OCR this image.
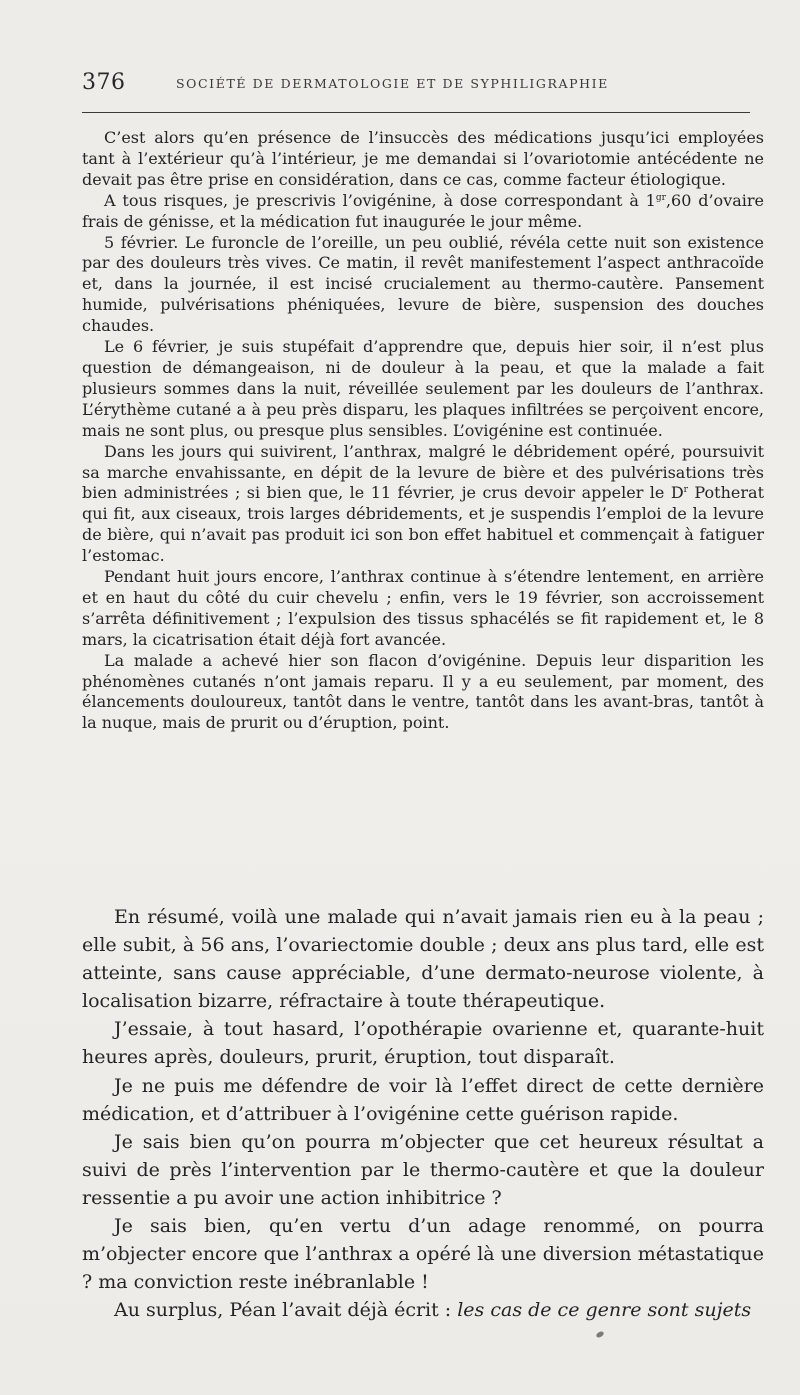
376	SOCIÉTÉ DE DERMATOLOGIE ET DE SYPHILIGRAPHIE

C’est alors qu’en présence de l’insuccès des médications jusqu’ici employées tant à l’extérieur qu’à l’intérieur, je me demandai si l’ovariotomie antécédente ne devait pas être prise en considération, dans ce cas, comme facteur étiologique.

A tous risques, je prescrivis l’ovigénine, à dose correspondant à $1^{gr},60$ d’ovaire frais de génisse, et la médication fut inaugurée le jour même.

5 février. Le furoncle de l’oreille, un peu oublié, révéla cette nuit son existence par des douleurs très vives. Ce matin, il revêt manifestement l’aspect anthracoïde et, dans la journée, il est incisé crucialement au thermo-cautère. Pansement humide, pulvérisations phéniquées, levure de bière, suspension des douches chaudes.

Le 6 février, je suis stupéfait d’apprendre que, depuis hier soir, il n’est plus question de démangeaison, ni de douleur à la peau, et que la malade a fait plusieurs sommes dans la nuit, réveillée seulement par les douleurs de l’anthrax. L’érythème cutané a à peu près disparu, les plaques infiltrées se perçoivent encore, mais ne sont plus, ou presque plus sensibles. L’ovigénine est continuée.

Dans les jours qui suivirent, l’anthrax, malgré le débridement opéré, poursuivit sa marche envahissante, en dépit de la levure de bière et des pulvérisations très bien administrées ; si bien que, le 11 février, je crus devoir appeler le $D^r$ Potherat qui fit, aux ciseaux, trois larges débridements, et je suspendis l’emploi de la levure de bière, qui n’avait pas produit ici son bon effet habituel et commençait à fatiguer l’estomac.

Pendant huit jours encore, l’anthrax continue à s’étendre lentement, en arrière et en haut du côté du cuir chevelu ; enfin, vers le 19 février, son accroissement s’arrêta définitivement ; l’expulsion des tissus sphacélés se fit rapidement et, le 8 mars, la cicatrisation était déjà fort avancée.

La malade a achevé hier son flacon d’ovigénine. Depuis leur disparition les phénomènes cutanés n’ont jamais reparu. Il y a eu seulement, par moment, des élancements douloureux, tantôt dans le ventre, tantôt dans les avant-bras, tantôt à la nuque, mais de prurit ou d’éruption, point.

En résumé, voilà une malade qui n’avait jamais rien eu à la peau ; elle subit, à 56 ans, l’ovariectomie double ; deux ans plus tard, elle est atteinte, sans cause appréciable, d’une dermato-neurose violente, à localisation bizarre, réfractaire à toute thérapeutique.

J’essaie, à tout hasard, l’opothérapie ovarienne et, quarante-huit heures après, douleurs, prurit, éruption, tout disparaît.

Je ne puis me défendre de voir là l’effet direct de cette dernière médication, et d’attribuer à l’ovigénine cette guérison rapide.

Je sais bien qu’on pourra m’objecter que cet heureux résultat a suivi de près l’intervention par le thermo-cautère et que la douleur ressentie a pu avoir une action inhibitrice ?

Je sais bien, qu’en vertu d’un adage renommé, on pourra m’objecter encore que l’anthrax a opéré là une diversion métastatique ? ma conviction reste inébranlable !

Au surplus, Péan l’avait déjà écrit : les cas de ce genre sont sujets
